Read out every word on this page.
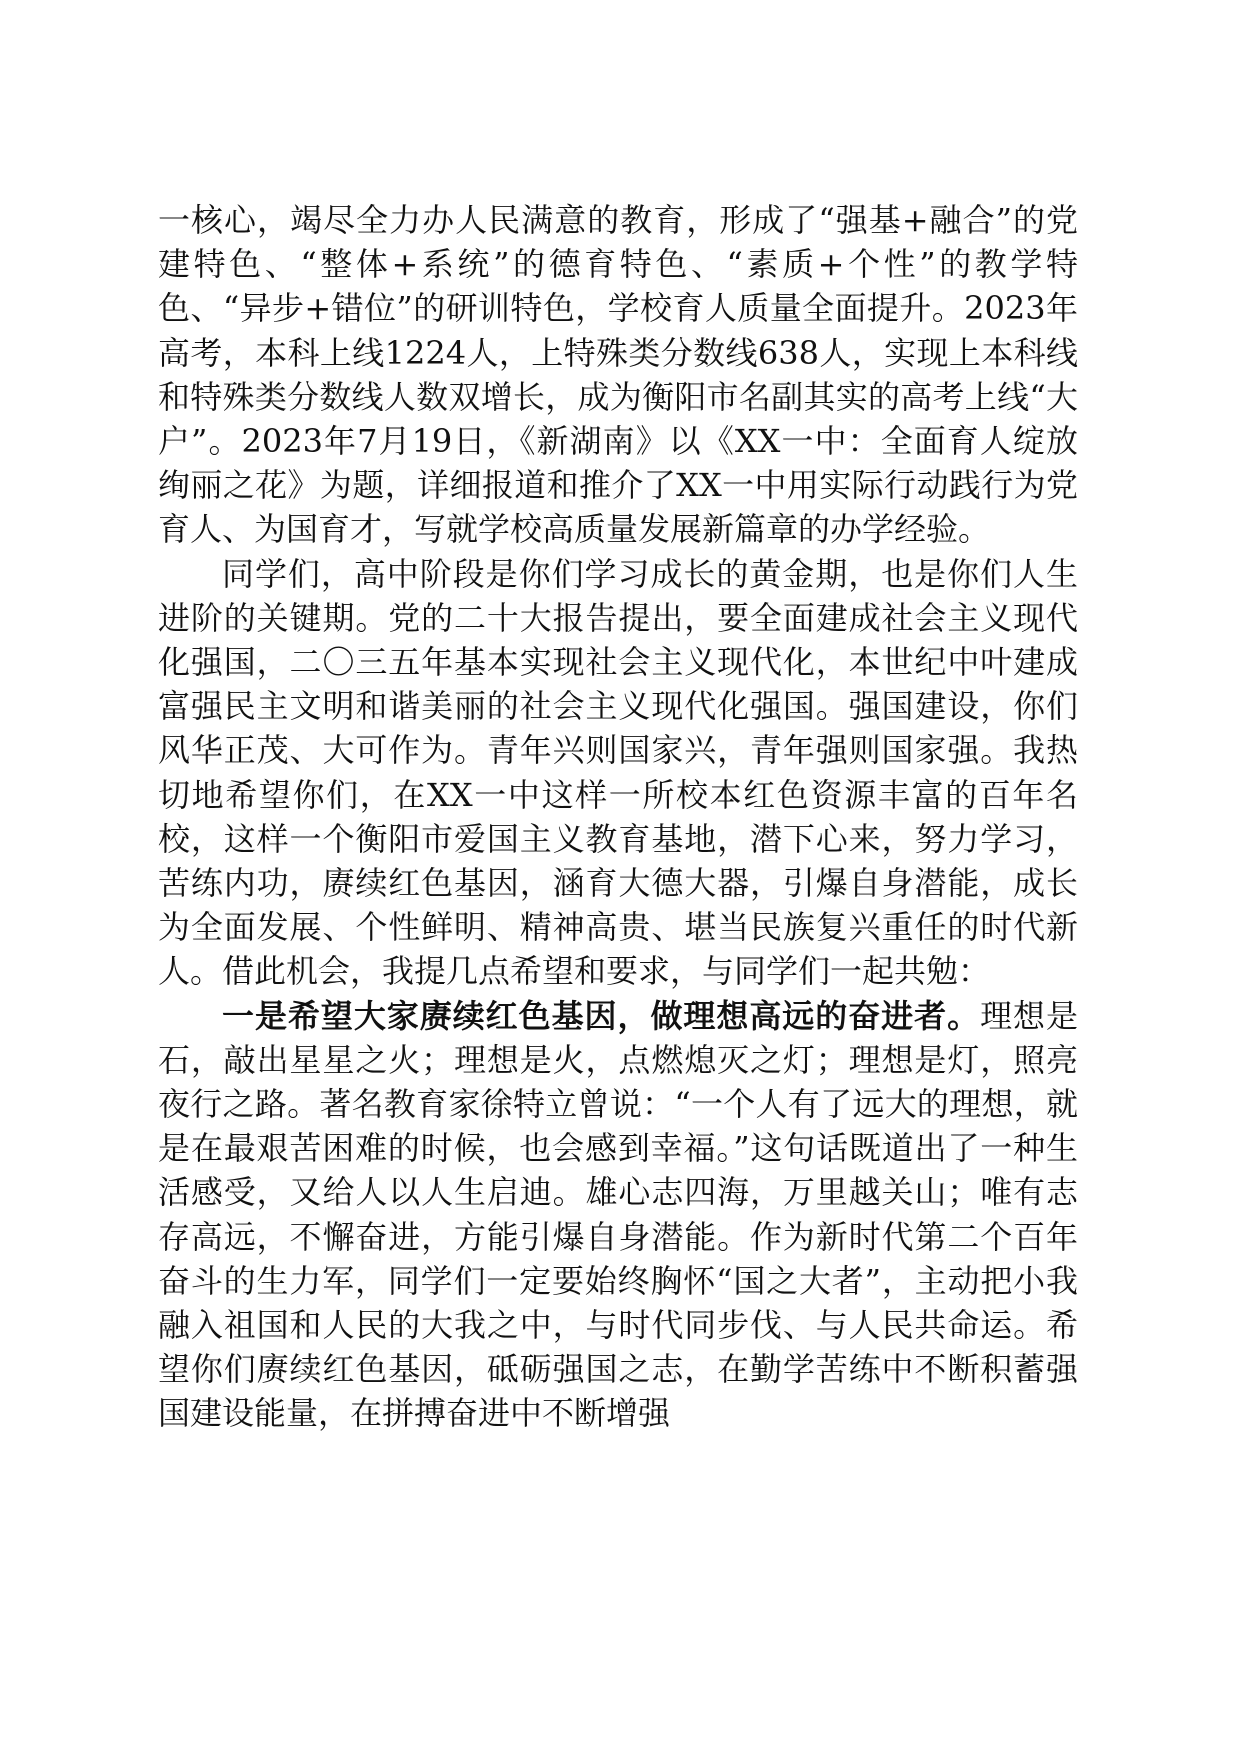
一核心，竭尽全力办人民满意的教育，形成了“强基+融合”的党建特色、“整体+系统”的德育特色、“素质+个性”的教学特色、“异步+错位”的研训特色，学校育人质量全面提升。2023年高考，本科上线1224人，上特殊类分数线638人，实现上本科线和特殊类分数线人数双增长，成为衡阳市名副其实的高考上线“大户”。2023年7月19日，《新湖南》以《XX一中：全面育人绽放绚丽之花》为题，详细报道和推介了XX一中用实际行动践行为党育人、为国育才，写就学校高质量发展新篇章的办学经验。

同学们，高中阶段是你们学习成长的黄金期，也是你们人生进阶的关键期。党的二十大报告提出，要全面建成社会主义现代化强国，二〇三五年基本实现社会主义现代化，本世纪中叶建成富强民主文明和谐美丽的社会主义现代化强国。强国建设，你们风华正茂、大可作为。青年兴则国家兴，青年强则国家强。我热切地希望你们，在XX一中这样一所校本红色资源丰富的百年名校，这样一个衡阳市爱国主义教育基地，潜下心来，努力学习，苦练内功，赓续红色基因，涵育大德大器，引爆自身潜能，成长为全面发展、个性鲜明、精神高贵、堪当民族复兴重任的时代新人。借此机会，我提几点希望和要求，与同学们一起共勉：

一是希望大家赓续红色基因，做理想高远的奋进者。理想是石，敲出星星之火；理想是火，点燃熄灭之灯；理想是灯，照亮夜行之路。著名教育家徐特立曾说：“一个人有了远大的理想，就是在最艰苦困难的时候，也会感到幸福。”这句话既道出了一种生活感受，又给人以人生启迪。雄心志四海，万里越关山；唯有志存高远，不懈奋进，方能引爆自身潜能。作为新时代第二个百年奋斗的生力军，同学们一定要始终胸怀“国之大者”，主动把小我融入祖国和人民的大我之中，与时代同步伐、与人民共命运。希望你们赓续红色基因，砥砺强国之志，在勤学苦练中不断积蓄强国建设能量，在拼搏奋进中不断增强
